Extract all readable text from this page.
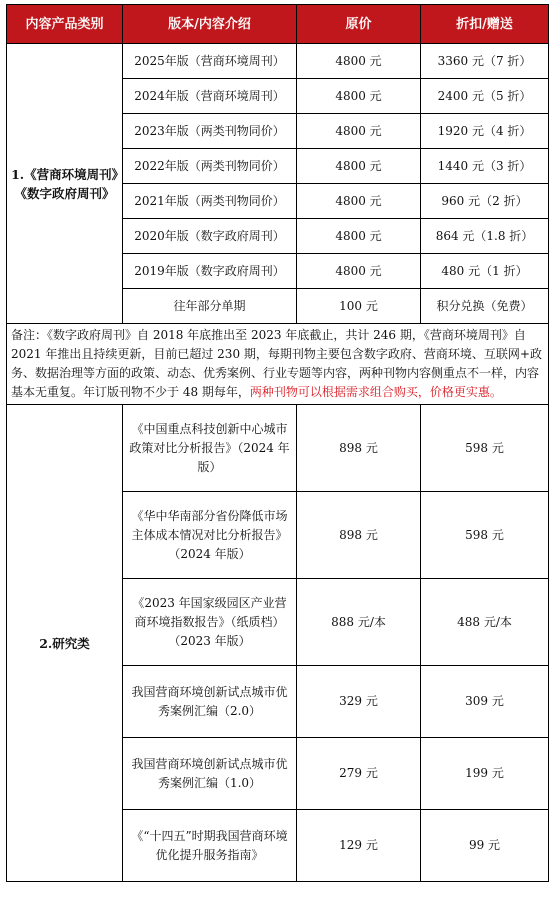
内容产品类别	版本/内容介绍	原价	折扣/赠送
1.《营商环境周刊》《数字政府周刊》	2025年版（营商环境周刊）	4800 元	3360 元（7 折）
	2024年版（营商环境周刊）	4800 元	2400 元（5 折）
	2023年版（两类刊物同价）	4800 元	1920 元（4 折）
	2022年版（两类刊物同价）	4800 元	1440 元（3 折）
	2021年版（两类刊物同价）	4800 元	960 元（2 折）
	2020年版（数字政府周刊）	4800 元	864 元（1.8 折）
	2019年版（数字政府周刊）	4800 元	480 元（1 折）
	往年部分单期	100 元	积分兑换（免费）
备注：《数字政府周刊》自 2018 年底推出至 2023 年底截止，共计 246 期，《营商环境周刊》自 2021 年推出且持续更新，目前已超过 230 期，每期刊物主要包含数字政府、营商环境、互联网+政务、数据治理等方面的政策、动态、优秀案例、行业专题等内容，两种刊物内容侧重点不一样，内容基本无重复。年订版刊物不少于 48 期每年，两种刊物可以根据需求组合购买，价格更实惠。			
2.研究类	《中国重点科技创新中心城市政策对比分析报告》（2024 年版）	898 元	598 元
	《华中华南部分省份降低市场主体成本情况对比分析报告》（2024 年版）	898 元	598 元
	《2023 年国家级园区产业营商环境指数报告》（纸质档）（2023 年版）	888 元/本	488 元/本
	我国营商环境创新试点城市优秀案例汇编（2.0）	329 元	309 元
	我国营商环境创新试点城市优秀案例汇编（1.0）	279 元	199 元
	《“十四五”时期我国营商环境优化提升服务指南》	129 元	99 元
